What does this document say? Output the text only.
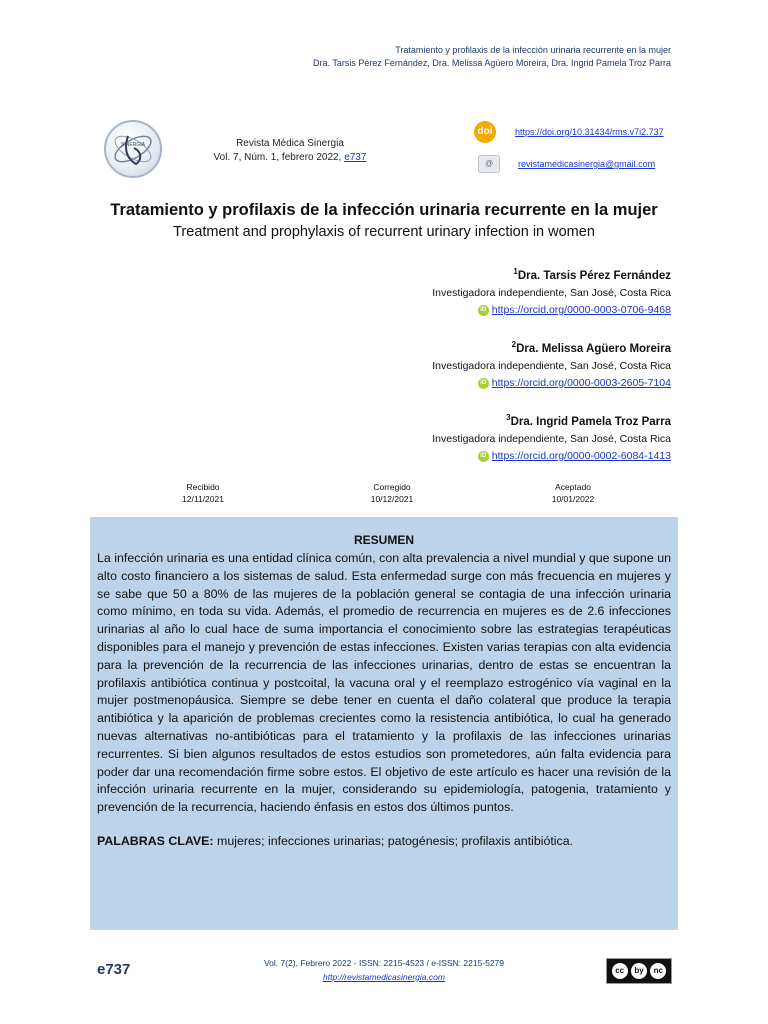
Tratamiento y profilaxis de la infección urinaria recurrente en la mujer
Dra. Tarsis Pérez Fernández, Dra. Melissa Agüero Moreira, Dra. Ingrid Pamela Troz Parra
SINERGIA	Revista Médica Sinergia
Vol. 7, Núm. 1, febrero 2022, e737
doi	https://doi.org/10.31434/rms.v7i2.737
@	revistamedicasinergia@gmail.com
Tratamiento y profilaxis de la infección urinaria recurrente en la mujer
Treatment and prophylaxis of recurrent urinary infection in women
$^1$Dra. Tarsis Pérez Fernández
Investigadora independiente, San José, Costa Rica
iD https://orcid.org/0000-0003-0706-9468
$^2$Dra. Melissa Agüero Moreira
Investigadora independiente, San José, Costa Rica
iD https://orcid.org/0000-0003-2605-7104
$^3$Dra. Ingrid Pamela Troz Parra
Investigadora independiente, San José, Costa Rica
iD https://orcid.org/0000-0002-6084-1413
Recibido
12/11/2021
Corregido
10/12/2021
Aceptado
10/01/2022
RESUMEN
La infección urinaria es una entidad clínica común, con alta prevalencia a nivel mundial y que supone un alto costo financiero a los sistemas de salud. Esta enfermedad surge con más frecuencia en mujeres y se sabe que 50 a 80% de las mujeres de la población general se contagia de una infección urinaria como mínimo, en toda su vida. Además, el promedio de recurrencia en mujeres es de 2.6 infecciones urinarias al año lo cual hace de suma importancia el conocimiento sobre las estrategias terapéuticas disponibles para el manejo y prevención de estas infecciones. Existen varias terapias con alta evidencia para la prevención de la recurrencia de las infecciones urinarias, dentro de estas se encuentran la profilaxis antibiótica continua y postcoital, la vacuna oral y el reemplazo estrogénico vía vaginal en la mujer postmenopáusica. Siempre se debe tener en cuenta el daño colateral que produce la terapia antibiótica y la aparición de problemas crecientes como la resistencia antibiótica, lo cual ha generado nuevas alternativas no-antibióticas para el tratamiento y la profilaxis de las infecciones urinarias recurrentes. Si bien algunos resultados de estos estudios son prometedores, aún falta evidencia para poder dar una recomendación firme sobre estos. El objetivo de este artículo es hacer una revisión de la infección urinaria recurrente en la mujer, considerando su epidemiología, patogenia, tratamiento y prevención de la recurrencia, haciendo énfasis en estos dos últimos puntos.
PALABRAS CLAVE: mujeres; infecciones urinarias; patogénesis; profilaxis antibiótica.
e737	Vol. 7(2), Febrero 2022 - ISSN: 2215-4523 / e-ISSN: 2215-5279
http://revistamedicasinergia.com
cc	by	nc
